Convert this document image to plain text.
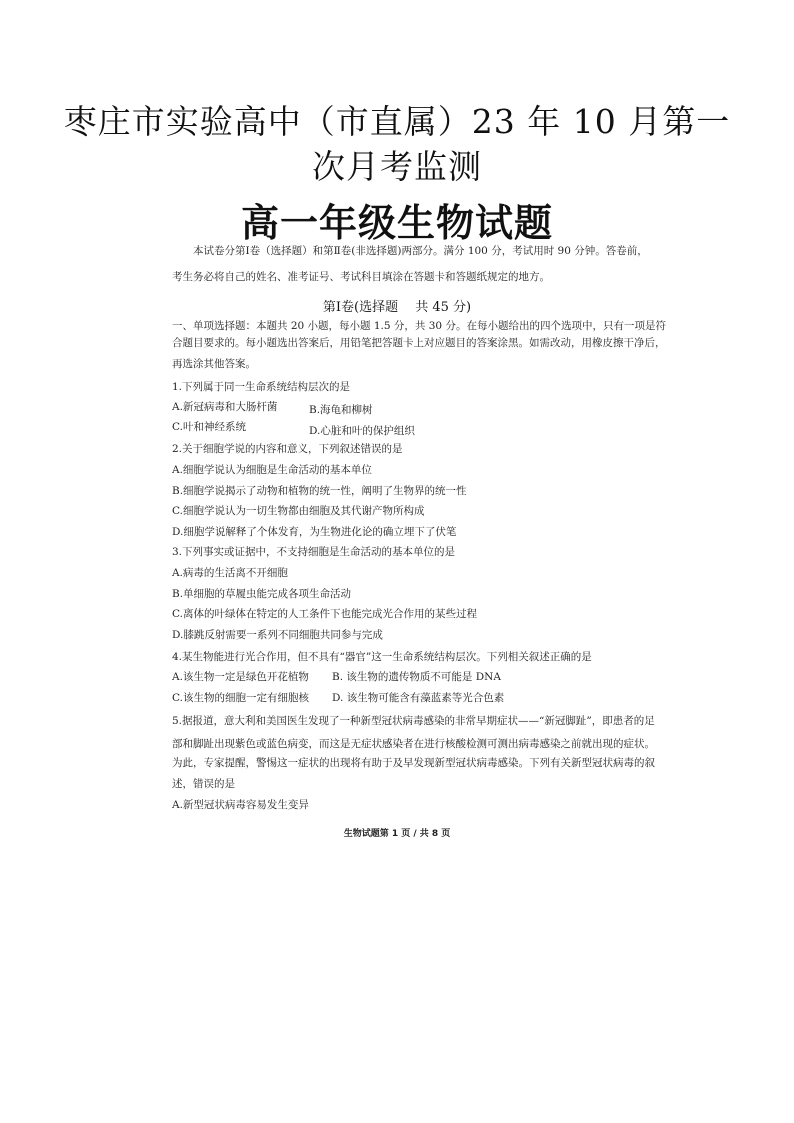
枣庄市实验高中（市直属）23 年 10 月第一
次月考监测
高一年级生物试题
本试卷分第Ⅰ卷（选择题）和第Ⅱ卷(非选择题)两部分。满分 100 分，考试用时 90 分钟。答卷前，
考生务必将自己的姓名、准考证号、考试科目填涂在答题卡和答题纸规定的地方。
第Ⅰ卷(选择题　 共 45 分)
一、单项选择题：本题共 20 小题，每小题 1.5 分，共 30 分。在每小题给出的四个选项中，只有一项是符
合题目要求的。每小题选出答案后，用铅笔把答题卡上对应题目的答案涂黑。如需改动，用橡皮擦干净后，
再选涂其他答案。
1.下列属于同一生命系统结构层次的是
A.新冠病毒和大肠杆菌	B.海龟和柳树
C.叶和神经系统	D.心脏和叶的保护组织
2.关于细胞学说的内容和意义，下列叙述错误的是
A.细胞学说认为细胞是生命活动的基本单位
B.细胞学说揭示了动物和植物的统一性，阐明了生物界的统一性
C.细胞学说认为一切生物都由细胞及其代谢产物所构成
D.细胞学说解释了个体发育，为生物进化论的确立埋下了伏笔
3.下列事实或证据中，不支持细胞是生命活动的基本单位的是
A.病毒的生活离不开细胞
B.单细胞的草履虫能完成各项生命活动
C.离体的叶绿体在特定的人工条件下也能完成光合作用的某些过程
D.膝跳反射需要一系列不同细胞共同参与完成
4.某生物能进行光合作用，但不具有“器官”这一生命系统结构层次。下列相关叙述正确的是
A.该生物一定是绿色开花植物 B. 该生物的遗传物质不可能是 DNA
C.该生物的细胞一定有细胞核 D. 该生物可能含有藻蓝素等光合色素
5.据报道，意大利和美国医生发现了一种新型冠状病毒感染的非常早期症状——“新冠脚趾”，即患者的足
部和脚趾出现紫色或蓝色病变，而这是无症状感染者在进行核酸检测可测出病毒感染之前就出现的症状。
为此，专家提醒，警惕这一症状的出现将有助于及早发现新型冠状病毒感染。下列有关新型冠状病毒的叙
述，错误的是
A.新型冠状病毒容易发生变异
生物试题第 1 页 / 共 8 页
